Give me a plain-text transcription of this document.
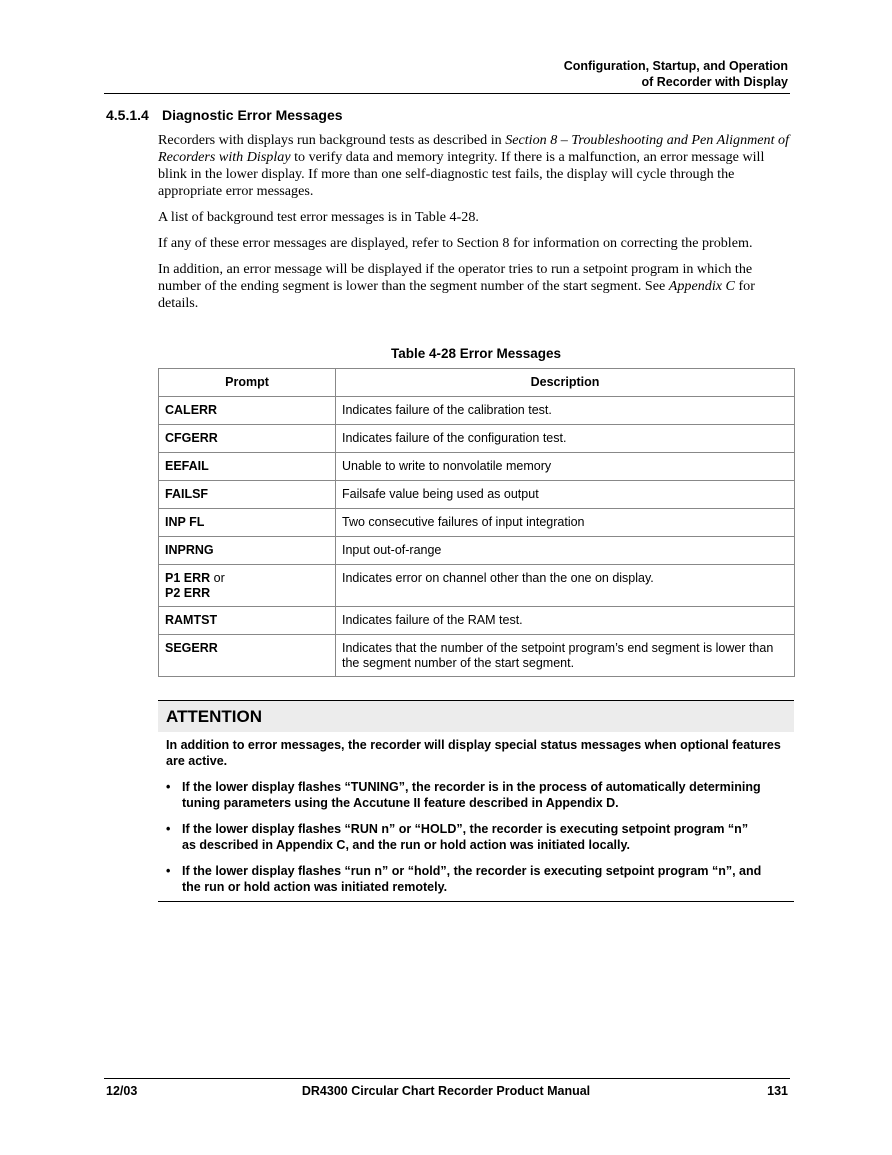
Configuration, Startup, and Operation
of Recorder with Display
4.5.1.4 Diagnostic Error Messages

Recorders with displays run background tests as described in Section 8 – Troubleshooting and Pen Alignment of Recorders with Display to verify data and memory integrity. If there is a malfunction, an error message will blink in the lower display. If more than one self-diagnostic test fails, the display will cycle through the appropriate error messages.

A list of background test error messages is in Table 4-28.

If any of these error messages are displayed, refer to Section 8 for information on correcting the problem.

In addition, an error message will be displayed if the operator tries to run a setpoint program in which the number of the ending segment is lower than the segment number of the start segment. See Appendix C for details.

Table 4-28 Error Messages
Prompt	Description
CALERR	Indicates failure of the calibration test.
CFGERR	Indicates failure of the configuration test.
EEFAIL	Unable to write to nonvolatile memory
FAILSF	Failsafe value being used as output
INP FL	Two consecutive failures of input integration
INPRNG	Input out-of-range
P1 ERR or
P2 ERR	Indicates error on channel other than the one on display.
RAMTST	Indicates failure of the RAM test.
SEGERR	Indicates that the number of the setpoint program’s end segment is lower than the segment number of the start segment.
ATTENTION
In addition to error messages, the recorder will display special status messages when optional features are active.
• If the lower display flashes “TUNING”, the recorder is in the process of automatically determining tuning parameters using the Accutune II feature described in Appendix D.
• If the lower display flashes “RUN n” or “HOLD”, the recorder is executing setpoint program “n” as described in Appendix C, and the run or hold action was initiated locally.
• If the lower display flashes “run n” or “hold”, the recorder is executing setpoint program “n”, and the run or hold action was initiated remotely.
12/03	DR4300 Circular Chart Recorder Product Manual	131
